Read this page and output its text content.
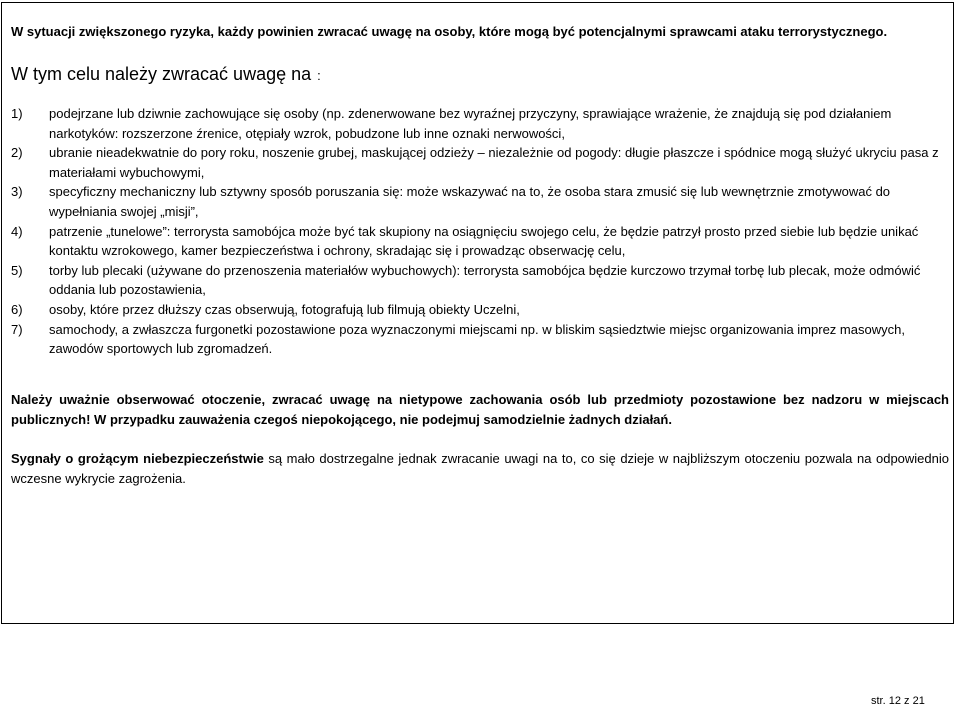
W sytuacji zwiększonego ryzyka, każdy powinien zwracać uwagę na osoby, które mogą być potencjalnymi sprawcami ataku terrorystycznego.
W tym celu należy zwracać uwagę na :
1) podejrzane lub dziwnie zachowujące się osoby (np. zdenerwowane bez wyraźnej przyczyny, sprawiające wrażenie, że znajdują się pod działaniem narkotyków: rozszerzone źrenice, otępiały wzrok, pobudzone lub inne oznaki nerwowości,
2) ubranie nieadekwatnie do pory roku, noszenie grubej, maskującej odzieży – niezależnie od pogody: długie płaszcze i spódnice mogą służyć ukryciu pasa z materiałami wybuchowymi,
3) specyficzny mechaniczny lub sztywny sposób poruszania się: może wskazywać na to, że osoba stara zmusić się lub wewnętrznie zmotywować do wypełniania swojej „misji”,
4) patrzenie „tunelowe”: terrorysta samobójca może być tak skupiony na osiągnięciu swojego celu, że będzie patrzył prosto przed siebie lub będzie unikać kontaktu wzrokowego, kamer bezpieczeństwa i ochrony, skradając się i prowadząc obserwację celu,
5) torby lub plecaki (używane do przenoszenia materiałów wybuchowych): terrorysta samobójca będzie kurczowo trzymał torbę lub plecak, może odmówić oddania lub pozostawienia,
6) osoby, które przez dłuższy czas obserwują, fotografują lub filmują obiekty Uczelni,
7) samochody, a zwłaszcza furgonetki pozostawione poza wyznaczonymi miejscami np. w bliskim sąsiedztwie miejsc organizowania imprez masowych, zawodów sportowych lub zgromadzeń.

Należy uważnie obserwować otoczenie, zwracać uwagę na nietypowe zachowania osób lub przedmioty pozostawione bez nadzoru w miejscach publicznych! W przypadku zauważenia czegoś niepokojącego, nie podejmuj samodzielnie żadnych działań.

Sygnały o grożącym niebezpieczeństwie są mało dostrzegalne jednak zwracanie uwagi na to, co się dzieje w najbliższym otoczeniu pozwala na odpowiednio wczesne wykrycie zagrożenia.

str. 12 z 21
